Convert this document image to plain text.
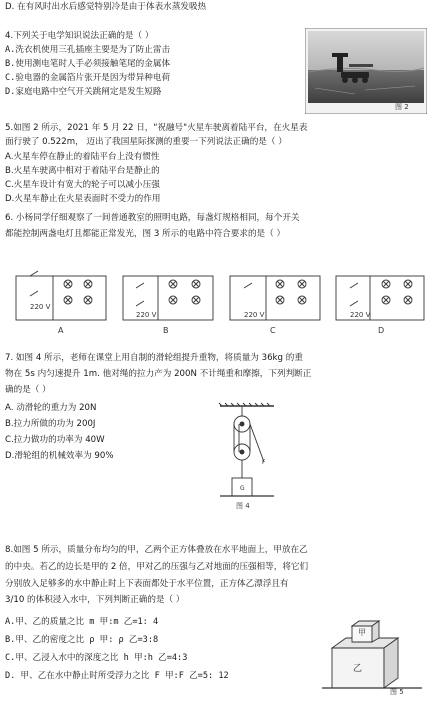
D. 在有风时出水后感觉特别冷是由于体表水蒸发吸热
4.下列关于电学知识说法正确的是（ ）
A.洗衣机使用三孔插座主要是为了防止雷击
B.使用测电笔时人手必须接触笔尾的金属体
C.验电器的金属箔片张开是因为带异种电荷
D.家庭电路中空气开关跳闸定是发生短路
图 2
5.如图 2 所示，2021 年 5 月 22 日，"祝融号"火星车驶离着陆平台，在火星表
面行驶了 0.522m， 迈出了我国星际探测的重要一下列说法正确的是（ ）
A.火星车停在静止的着陆平台上没有惯性
B.火星车驶离中相对于着陆平台是静止的
C.火星车设计有宽大的轮子可以减小压强
D.火星车静止在火星表面时不受力的作用
6. 小杨同学仔细观察了一间普通教室的照明电路，每盏灯规格相同，每个开关
都能控制两盏电灯且都能正常发光，图 3 所示的电路中符合要求的是（ ）
220 V
220 V	220 V	220 V
A	B	C	D
7. 如图 4 所示，老师在课堂上用自制的滑轮组提升重物，将质量为 36kg 的重
物在 5s 内匀速提升 1m. 他对绳的拉力产为 200N 不计绳重和摩擦，下列判断正
确的是（ ）
A. 动滑轮的重力为 20N
B.拉力所做的功为 200J
C.拉力做功的功率为 40W
D.滑轮组的机械效率为 90%
G
F
图 4
8.如图 5 所示，质量分布均匀的甲，乙两个正方体叠放在水平地面上，甲放在乙
的中央。若乙的边长是甲的 2 倍，甲对乙的压强与乙对地面的压强相等，将它们
分别放入足够多的水中静止时上下表面都处于水平位置，正方体乙漂浮且有
3/10 的体积浸入水中，下列判断正确的是（ ）
A.甲、乙的质量之比 m 甲:m 乙=1: 4
B.甲、乙的密度之比 ρ 甲: ρ 乙=3:8
C.甲、乙浸入水中的深度之比 h 甲:h 乙=4:3
D. 甲、乙在水中静止时所受浮力之比 F 甲:F 乙=5: 12
甲
乙
图 5
